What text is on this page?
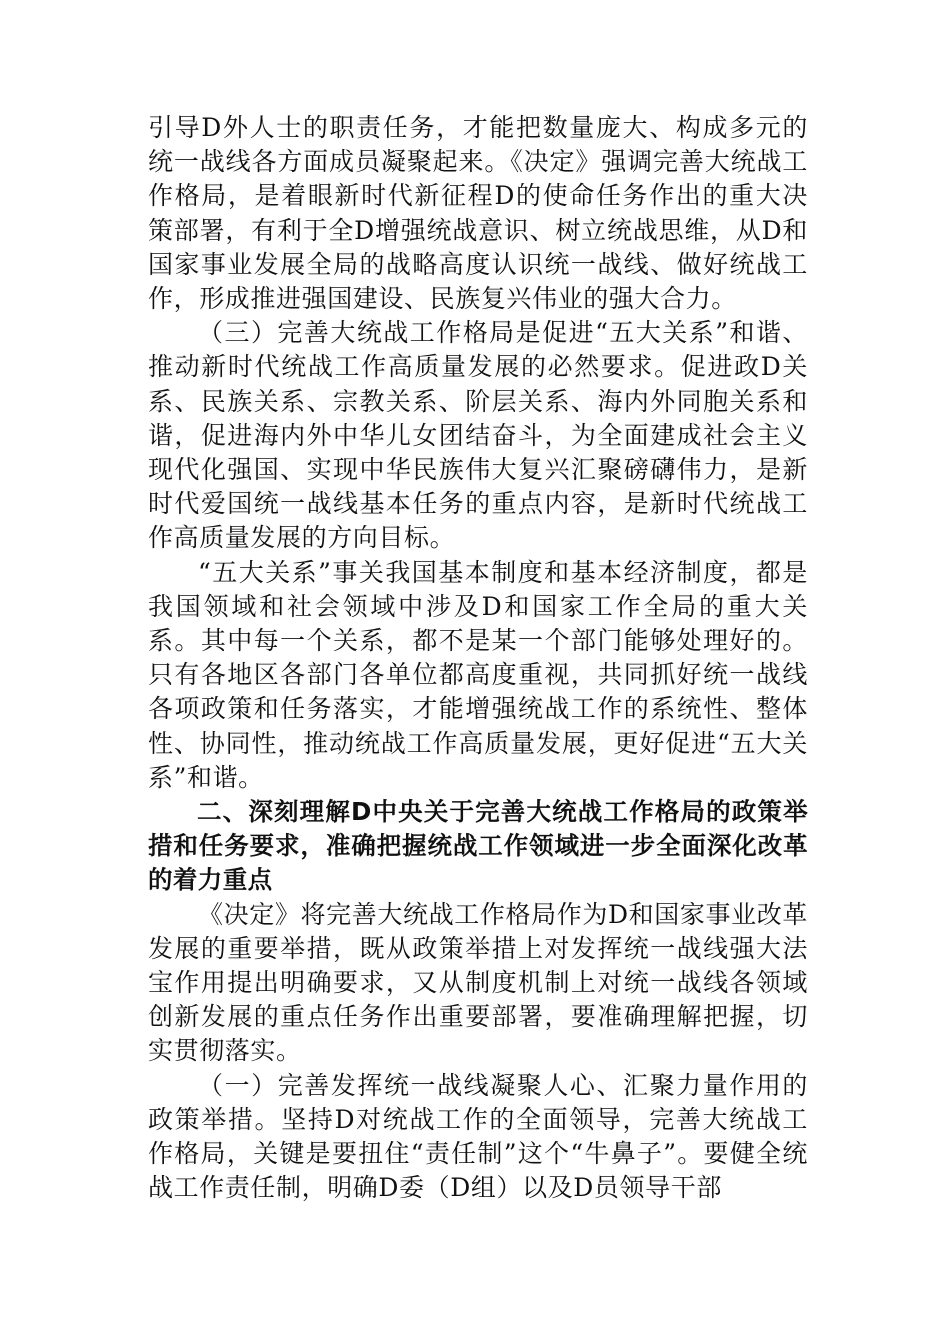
引导D外人士的职责任务，才能把数量庞大、构成多元的统一战线各方面成员凝聚起来。《决定》强调完善大统战工作格局，是着眼新时代新征程D的使命任务作出的重大决策部署，有利于全D增强统战意识、树立统战思维，从D和国家事业发展全局的战略高度认识统一战线、做好统战工作，形成推进强国建设、民族复兴伟业的强大合力。

（三）完善大统战工作格局是促进“五大关系”和谐、推动新时代统战工作高质量发展的必然要求。促进政D关系、民族关系、宗教关系、阶层关系、海内外同胞关系和谐，促进海内外中华儿女团结奋斗，为全面建成社会主义现代化强国、实现中华民族伟大复兴汇聚磅礴伟力，是新时代爱国统一战线基本任务的重点内容，是新时代统战工作高质量发展的方向目标。

“五大关系”事关我国基本制度和基本经济制度，都是我国领域和社会领域中涉及D和国家工作全局的重大关系。其中每一个关系，都不是某一个部门能够处理好的。只有各地区各部门各单位都高度重视，共同抓好统一战线各项政策和任务落实，才能增强统战工作的系统性、整体性、协同性，推动统战工作高质量发展，更好促进“五大关系”和谐。

二、深刻理解D中央关于完善大统战工作格局的政策举措和任务要求，准确把握统战工作领域进一步全面深化改革的着力重点

《决定》将完善大统战工作格局作为D和国家事业改革发展的重要举措，既从政策举措上对发挥统一战线强大法宝作用提出明确要求，又从制度机制上对统一战线各领域创新发展的重点任务作出重要部署，要准确理解把握，切实贯彻落实。

（一）完善发挥统一战线凝聚人心、汇聚力量作用的政策举措。坚持D对统战工作的全面领导，完善大统战工作格局，关键是要扭住“责任制”这个“牛鼻子”。要健全统战工作责任制，明确D委（D组）以及D员领导干部
